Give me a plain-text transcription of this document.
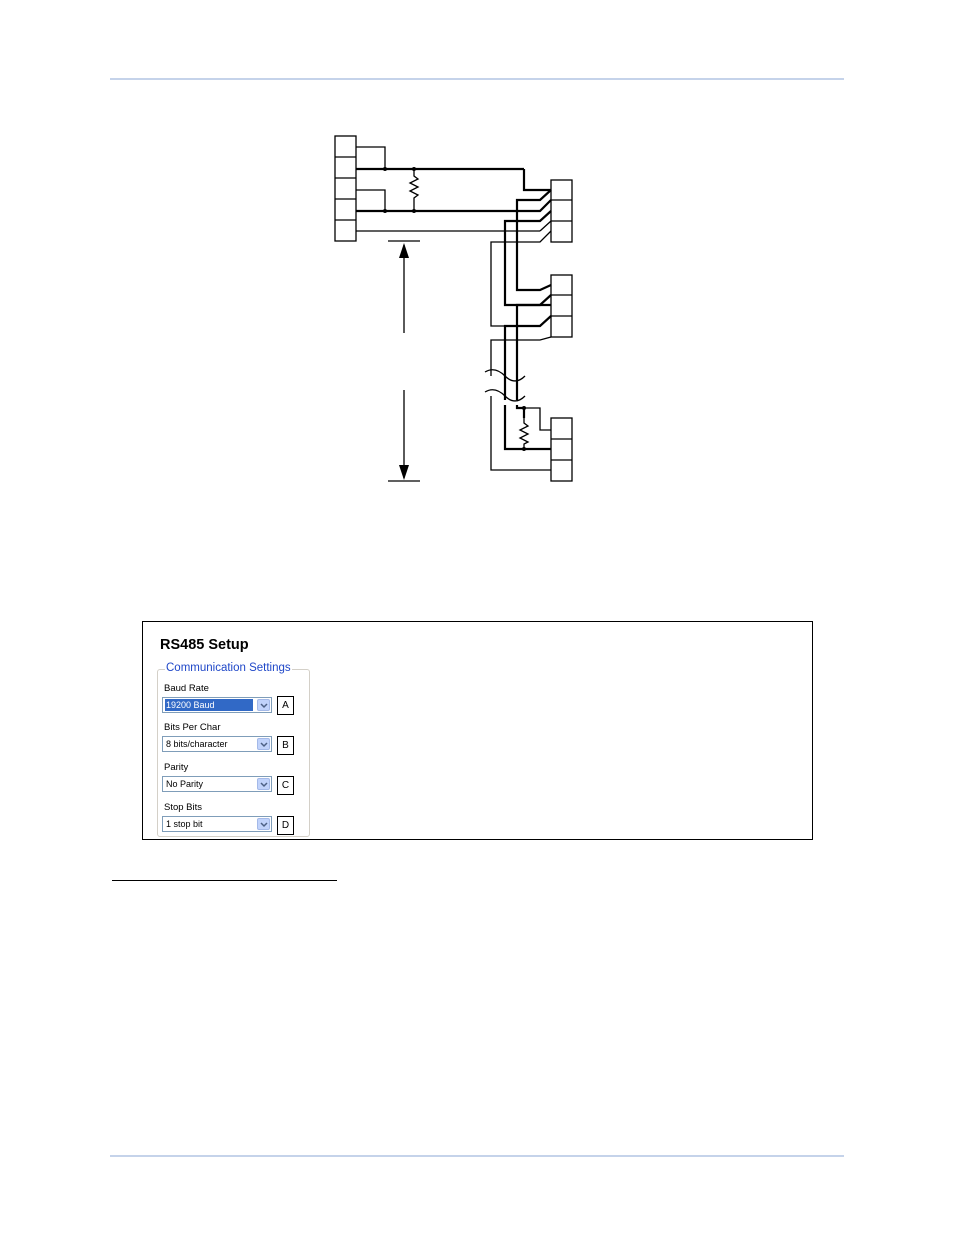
RS485 Setup
Communication Settings
Baud Rate
19200 Baud	A
Bits Per Char
8 bits/character	B
Parity
No Parity	C
Stop Bits
1 stop bit	D
